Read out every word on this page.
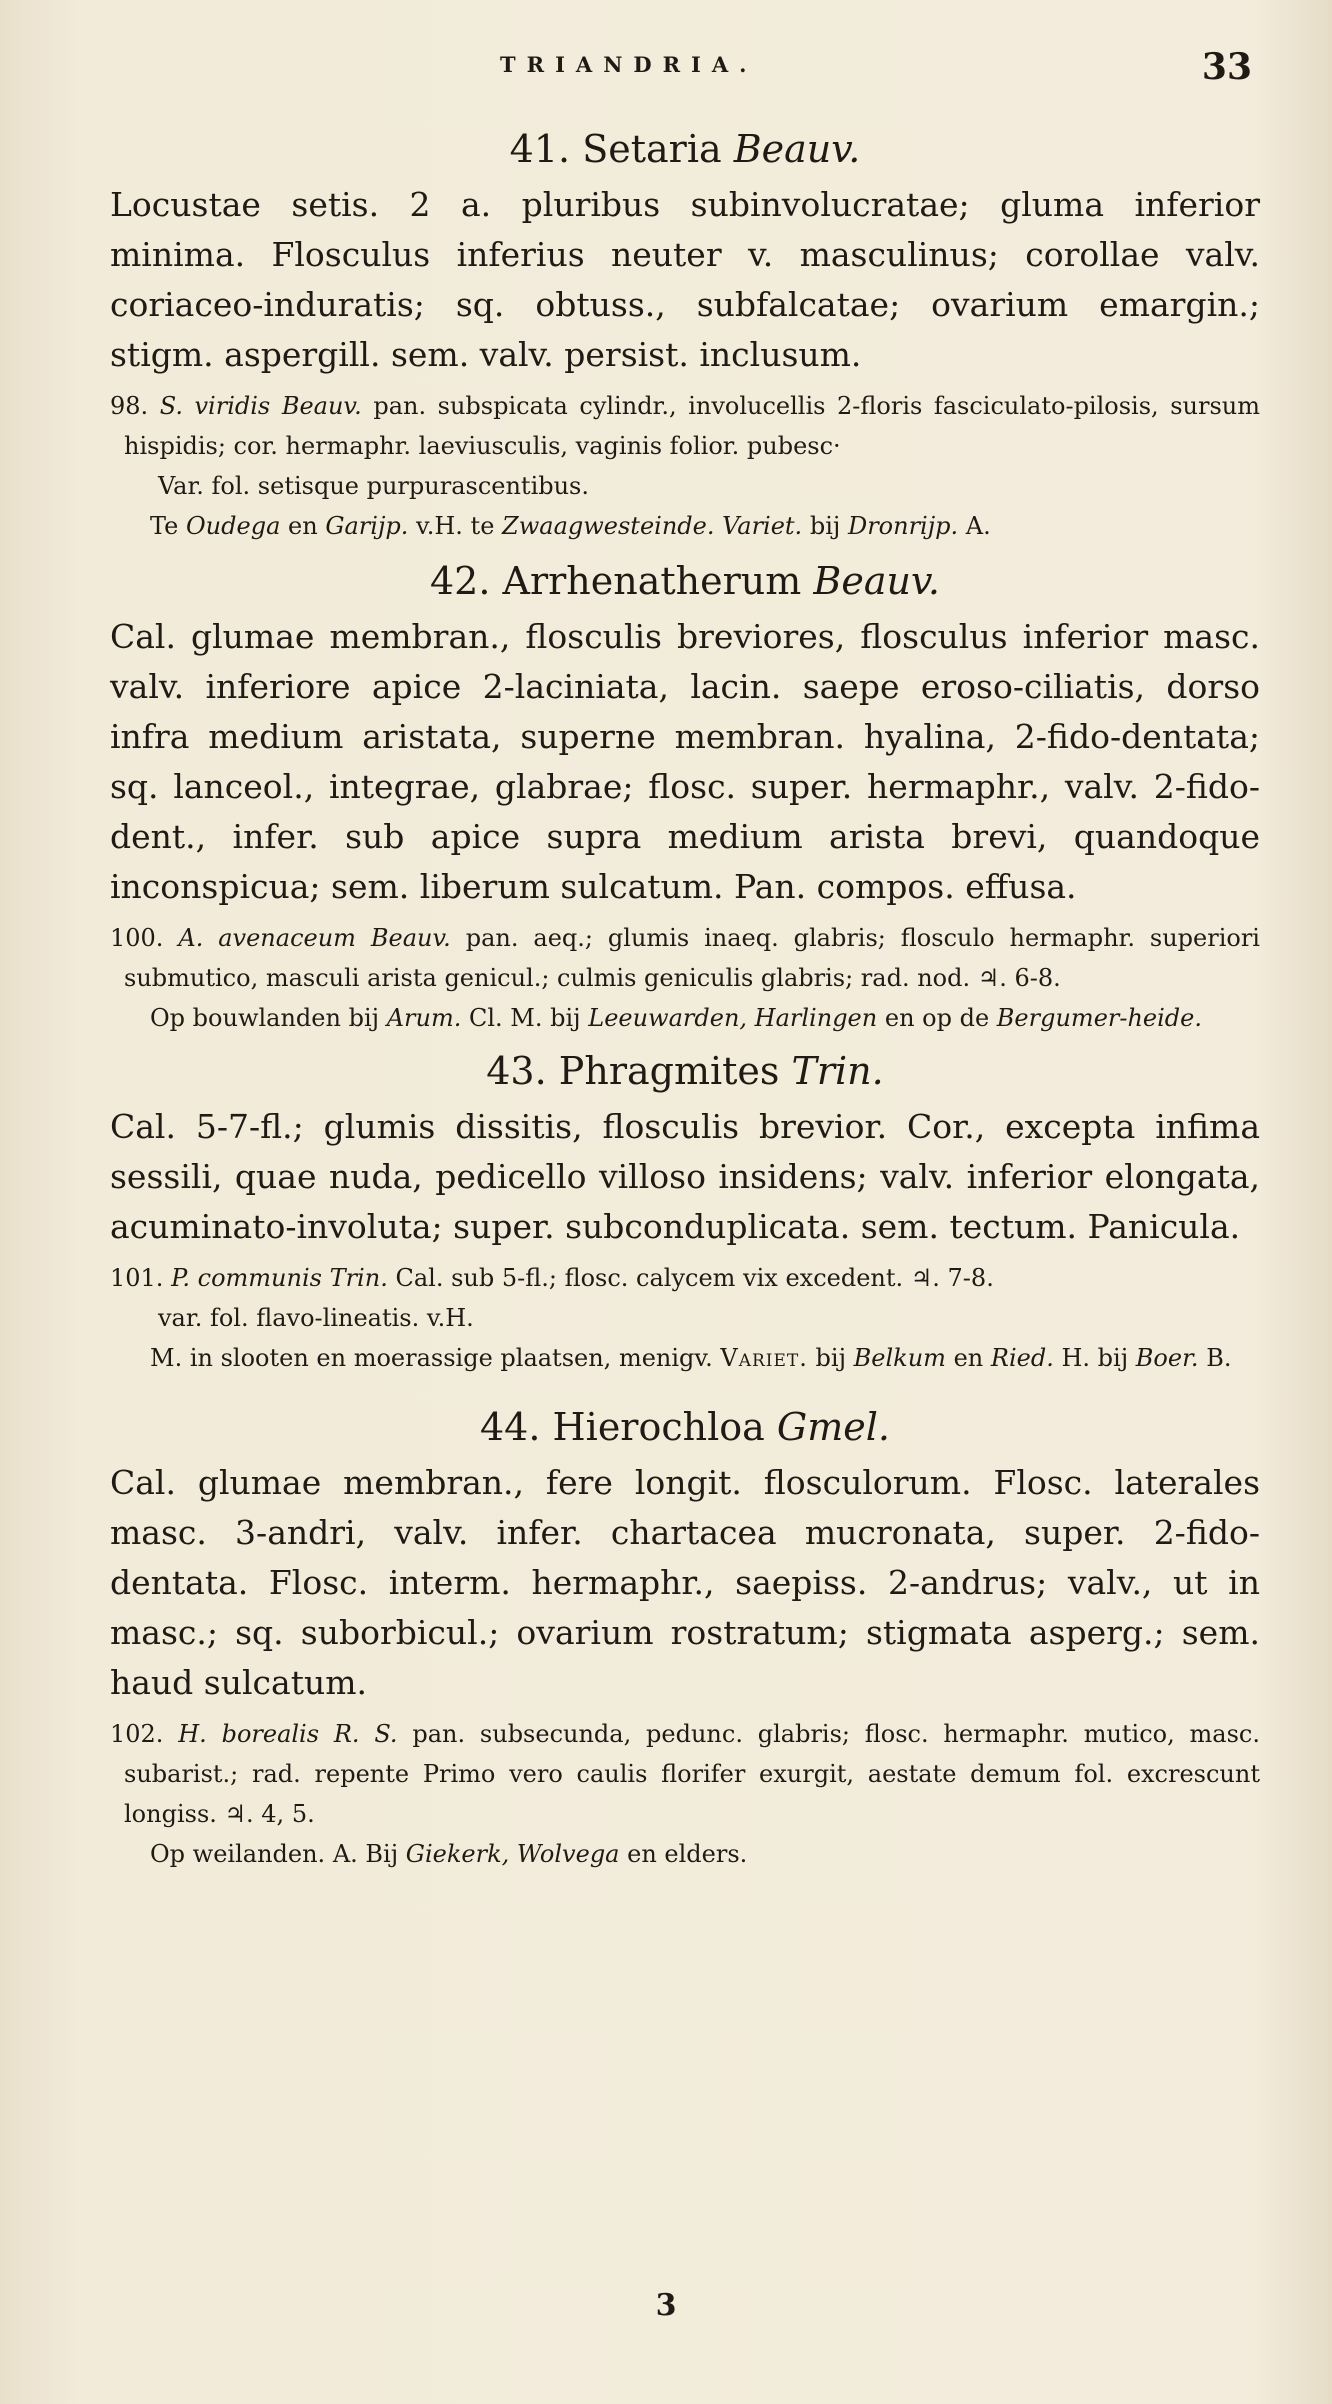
TRIANDRIA.	33
41. Setaria Beauv.

Locustae setis. 2 a. pluribus subinvolucratae; gluma inferior minima. Flosculus inferius neuter v. masculinus; corollae valv. coriaceo-induratis; sq. obtuss., subfalcatae; ovarium emargin.; stigm. aspergill. sem. valv. persist. inclusum.

98. S. viridis Beauv. pan. subspicata cylindr., involucellis 2-floris fasciculato-pilosis, sursum hispidis; cor. hermaphr. laeviusculis, vaginis folior. pubesc·

Var. fol. setisque purpurascentibus.

Te Oudega en Garijp. v.H. te Zwaagwesteinde. Variet. bij Dronrijp. A.

42. Arrhenatherum Beauv.

Cal. glumae membran., flosculis breviores, flosculus inferior masc. valv. inferiore apice 2-laciniata, lacin. saepe eroso-ciliatis, dorso infra medium aristata, superne membran. hyalina, 2-fido-dentata; sq. lanceol., integrae, glabrae; flosc. super. hermaphr., valv. 2-fido-dent., infer. sub apice supra medium arista brevi, quandoque inconspicua; sem. liberum sulcatum. Pan. compos. effusa.

100. A. avenaceum Beauv. pan. aeq.; glumis inaeq. glabris; flosculo hermaphr. superiori submutico, masculi arista genicul.; culmis geniculis glabris; rad. nod. ♃. 6-8.

Op bouwlanden bij Arum. Cl. M. bij Leeuwarden, Harlingen en op de Bergumer-heide.

43. Phragmites Trin.

Cal. 5-7-fl.; glumis dissitis, flosculis brevior. Cor., excepta infima sessili, quae nuda, pedicello villoso insidens; valv. inferior elongata, acuminato-involuta; super. subconduplicata. sem. tectum. Panicula.

101. P. communis Trin. Cal. sub 5-fl.; flosc. calycem vix excedent. ♃. 7-8.

var. fol. flavo-lineatis. v.H.

M. in slooten en moerassige plaatsen, menigv. Variet. bij Belkum en Ried. H. bij Boer. B.

44. Hierochloa Gmel.

Cal. glumae membran., fere longit. flosculorum. Flosc. laterales masc. 3-andri, valv. infer. chartacea mucronata, super. 2-fido-dentata. Flosc. interm. hermaphr., saepiss. 2-andrus; valv., ut in masc.; sq. suborbicul.; ovarium rostratum; stigmata asperg.; sem. haud sulcatum.

102. H. borealis R. S. pan. subsecunda, pedunc. glabris; flosc. hermaphr. mutico, masc. subarist.; rad. repente Primo vero caulis florifer exurgit, aestate demum fol. excrescunt longiss. ♃. 4, 5.

Op weilanden. A. Bij Giekerk, Wolvega en elders.

3
